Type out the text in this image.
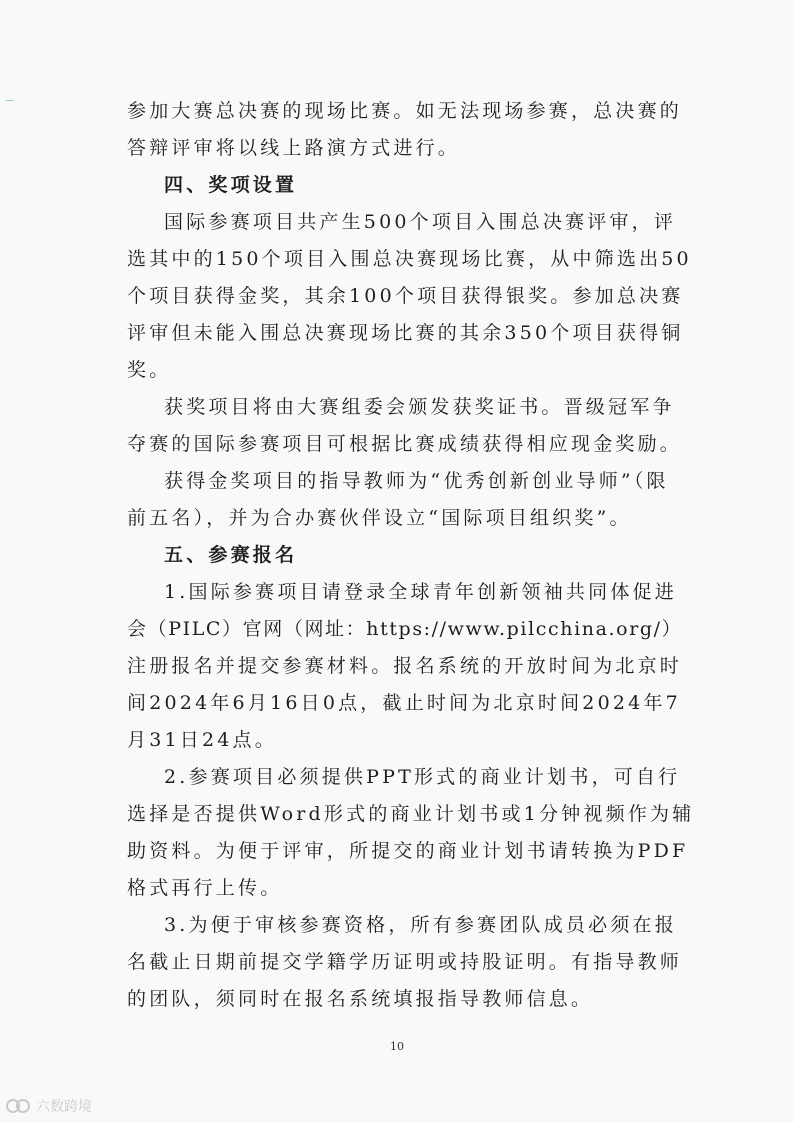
参加大赛总决赛的现场比赛。如无法现场参赛，总决赛的
答辩评审将以线上路演方式进行。
四、奖项设置
国际参赛项目共产生500个项目入围总决赛评审，评
选其中的150个项目入围总决赛现场比赛，从中筛选出50
个项目获得金奖，其余100个项目获得银奖。参加总决赛
评审但未能入围总决赛现场比赛的其余350个项目获得铜
奖。
获奖项目将由大赛组委会颁发获奖证书。晋级冠军争
夺赛的国际参赛项目可根据比赛成绩获得相应现金奖励。
获得金奖项目的指导教师为“优秀创新创业导师”（限
前五名），并为合办赛伙伴设立“国际项目组织奖”。
五、参赛报名
1.国际参赛项目请登录全球青年创新领袖共同体促进
会（PILC）官网（网址：https://www.pilcchina.org/）
注册报名并提交参赛材料。报名系统的开放时间为北京时
间2024年6月16日0点，截止时间为北京时间2024年7
月31日24点。
2.参赛项目必须提供PPT形式的商业计划书，可自行
选择是否提供Word形式的商业计划书或1分钟视频作为辅
助资料。为便于评审，所提交的商业计划书请转换为PDF
格式再行上传。
3.为便于审核参赛资格，所有参赛团队成员必须在报
名截止日期前提交学籍学历证明或持股证明。有指导教师
的团队，须同时在报名系统填报指导教师信息。
10
六数跨境
